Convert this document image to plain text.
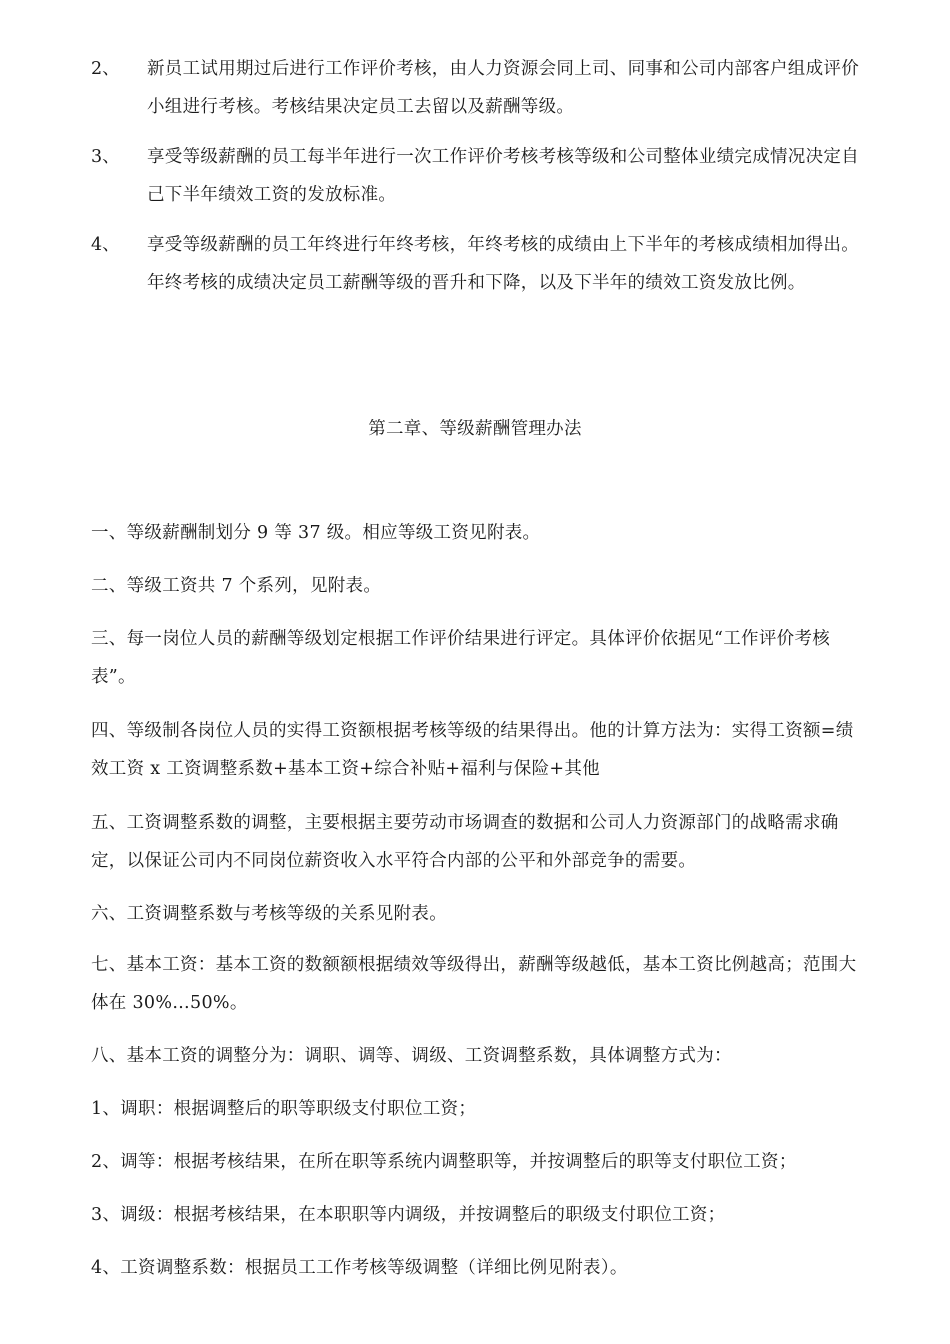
2、 新员工试用期过后进行工作评价考核，由人力资源会同上司、同事和公司内部客户组成评价小组进行考核。考核结果决定员工去留以及薪酬等级。
3、 享受等级薪酬的员工每半年进行一次工作评价考核考核等级和公司整体业绩完成情况决定自己下半年绩效工资的发放标准。
4、 享受等级薪酬的员工年终进行年终考核，年终考核的成绩由上下半年的考核成绩相加得出。年终考核的成绩决定员工薪酬等级的晋升和下降，以及下半年的绩效工资发放比例。
第二章、等级薪酬管理办法
一、等级薪酬制划分 9 等 37 级。相应等级工资见附表。
二、等级工资共 7 个系列，见附表。
三、每一岗位人员的薪酬等级划定根据工作评价结果进行评定。具体评价依据见“工作评价考核表”。
四、等级制各岗位人员的实得工资额根据考核等级的结果得出。他的计算方法为：实得工资额=绩效工资 x 工资调整系数+基本工资+综合补贴+福利与保险+其他
五、工资调整系数的调整，主要根据主要劳动市场调查的数据和公司人力资源部门的战略需求确定，以保证公司内不同岗位薪资收入水平符合内部的公平和外部竞争的需要。
六、工资调整系数与考核等级的关系见附表。
七、基本工资：基本工资的数额额根据绩效等级得出，薪酬等级越低，基本工资比例越高；范围大体在 30%…50%。
八、基本工资的调整分为：调职、调等、调级、工资调整系数，具体调整方式为：
1、调职：根据调整后的职等职级支付职位工资；
2、调等：根据考核结果，在所在职等系统内调整职等，并按调整后的职等支付职位工资；
3、调级：根据考核结果，在本职职等内调级，并按调整后的职级支付职位工资；
4、工资调整系数：根据员工工作考核等级调整（详细比例见附表）。
